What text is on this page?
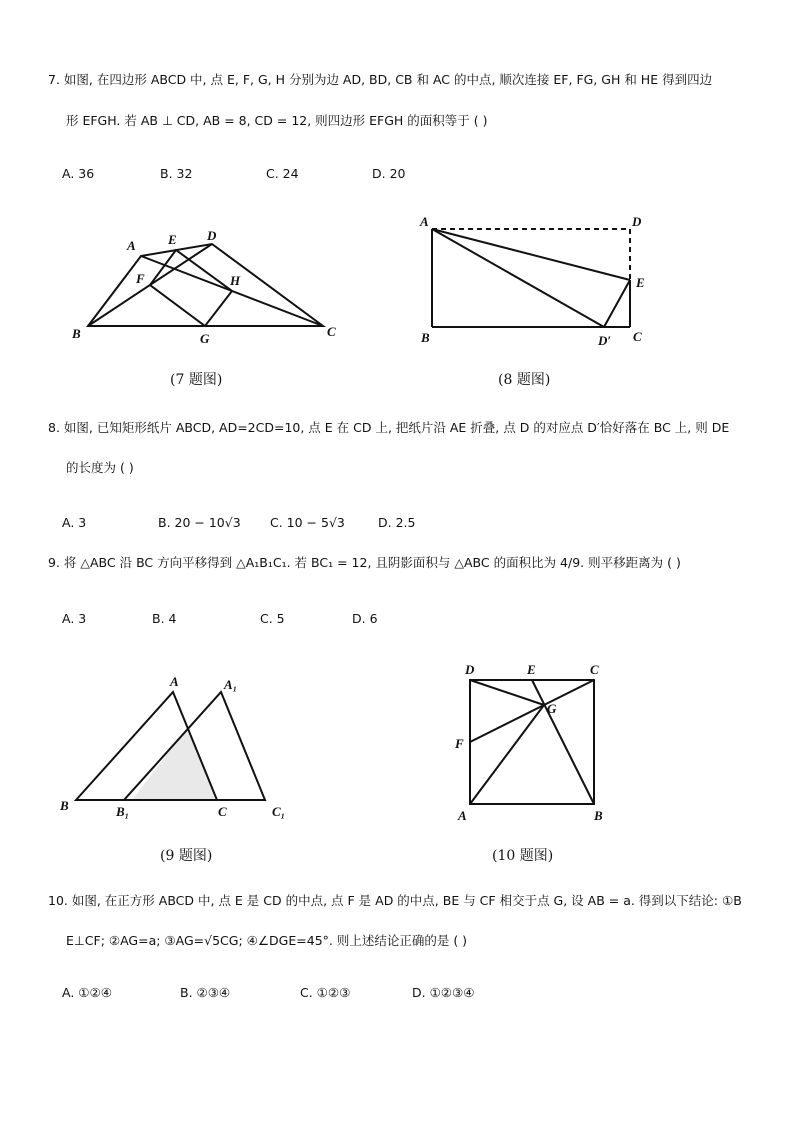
7. 如图, 在四边形 ABCD 中, 点 E, F, G, H 分别为边 AD, BD, CB 和 AC 的中点, 顺次连接 EF, FG, GH 和 HE 得到四边
形 EFGH. 若 AB ⊥ CD, AB = 8, CD = 12, 则四边形 EFGH 的面积等于 ( )
A. 36	B. 32	C. 24	D. 20
A E D
F	H
B	G	C
A	D
E
B	D′ C
A	A₁
B	B₁	C	C₁
D	E	C
G
F
A	B
(7 题图)	(8 题图)
8. 如图, 已知矩形纸片 ABCD, AD=2CD=10, 点 E 在 CD 上, 把纸片沿 AE 折叠, 点 D 的对应点 D′恰好落在 BC 上, 则 DE
的长度为 ( )
A. 3	B. 20 − 10√3 C. 10 − 5√3	D. 2.5
9. 将 △ABC 沿 BC 方向平移得到 △A₁B₁C₁. 若 BC₁ = 12, 且阴影面积与 △ABC 的面积比为 4/9. 则平移距离为 ( )
A. 3	B. 4	C. 5	D. 6
(9 题图)	(10 题图)
10. 如图, 在正方形 ABCD 中, 点 E 是 CD 的中点, 点 F 是 AD 的中点, BE 与 CF 相交于点 G, 设 AB = a. 得到以下结论: ①B
E⊥CF; ②AG=a; ③AG=√5CG; ④∠DGE=45°. 则上述结论正确的是 ( )
A. ①②④	B. ②③④	C. ①②③	D. ①②③④
